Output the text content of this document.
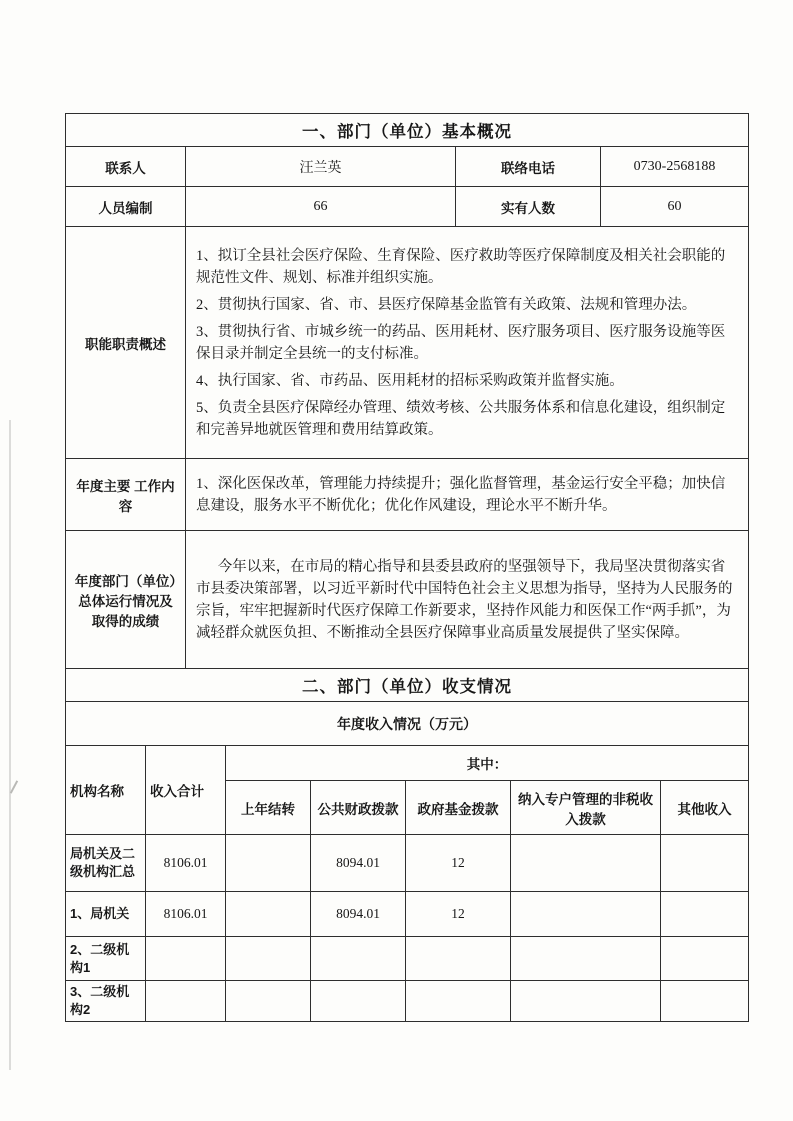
一、部门（单位）基本概况			
联系人	汪兰英	联络电话	0730-2568188
人员编制	66	实有人数	60
职能职责概述	1、拟订全县社会医疗保险、生育保险、医疗救助等医疗保障制度及相关社会职能的规范性文件、规划、标准并组织实施。
2、贯彻执行国家、省、市、县医疗保障基金监管有关政策、法规和管理办法。
3、贯彻执行省、市城乡统一的药品、医用耗材、医疗服务项目、医疗服务设施等医保目录并制定全县统一的支付标准。
4、执行国家、省、市药品、医用耗材的招标采购政策并监督实施。
5、负责全县医疗保障经办管理、绩效考核、公共服务体系和信息化建设，组织制定和完善异地就医管理和费用结算政策。		

年度主要 工作内容	1、深化医保改革，管理能力持续提升；强化监督管理，基金运行安全平稳；加快信息建设，服务水平不断优化；优化作风建设，理论水平不断升华。		
年度部门（单位）总体运行情况及 取得的成绩	今年以来，在市局的精心指导和县委县政府的坚强领导下，我局坚决贯彻落实省市县委决策部署，以习近平新时代中国特色社会主义思想为指导，坚持为人民服务的宗旨，牢牢把握新时代医疗保障工作新要求，坚持作风能力和医保工作“两手抓”，为减轻群众就医负担、不断推动全县医疗保障事业高质量发展提供了坚实保障。		
二、部门（单位）收支情况						
年度收入情况（万元）						
机构名称	收入合计	其中：				
		上年结转	公共财政拨款	政府基金拨款	纳入专户管理的非税收入拨款	其他收入
局机关及二级机构汇总	8106.01		8094.01	12		
1、局机关	8106.01		8094.01	12		
2、二级机构1						
3、二级机构2						
